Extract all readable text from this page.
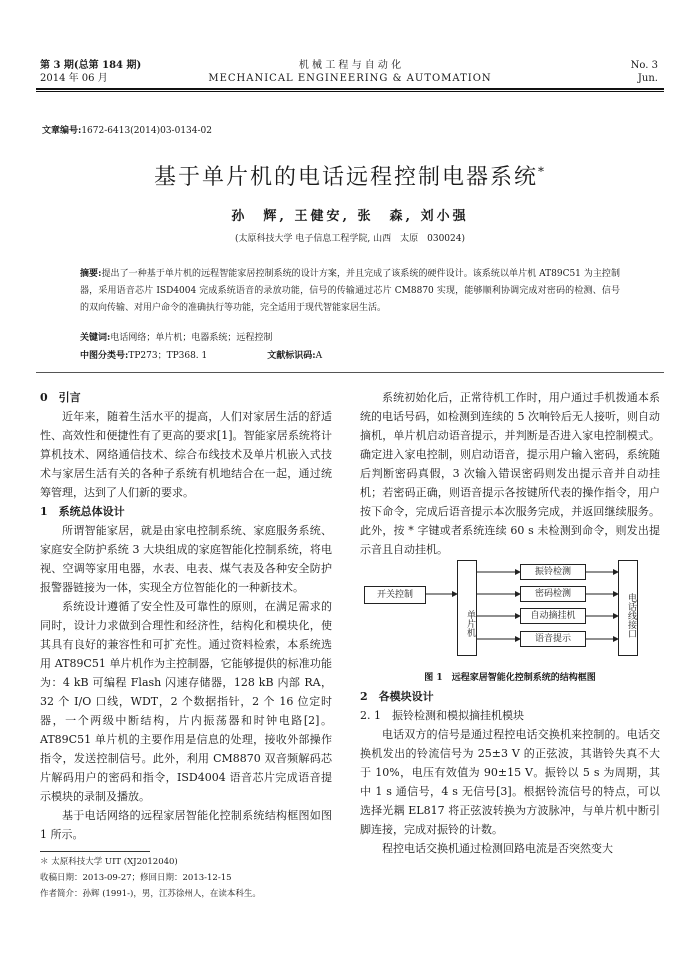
第 3 期(总第 184 期)
2014 年 06 月
机 械 工 程 与 自 动 化
MECHANICAL ENGINEERING & AUTOMATION
No. 3
Jun.
文章编号:1672-6413(2014)03-0134-02
基于单片机的电话远程控制电器系统*
孙　辉, 王健安, 张　森, 刘小强
(太原科技大学 电子信息工程学院, 山西　太原　030024)
摘要:提出了一种基于单片机的远程智能家居控制系统的设计方案，并且完成了该系统的硬件设计。该系统以单片机 AT89C51 为主控制器，采用语音芯片 ISD4004 完成系统语音的录放功能，信号的传输通过芯片 CM8870 实现，能够顺利协调完成对密码的检测、信号的双向传输、对用户命令的准确执行等功能，完全适用于现代智能家居生活。
关键词:电话网络；单片机；电器系统；远程控制
中图分类号:TP273；TP368. 1	文献标识码:A
0　引言

近年来，随着生活水平的提高，人们对家居生活的舒适性、高效性和便捷性有了更高的要求[1]。智能家居系统将计算机技术、网络通信技术、综合布线技术及单片机嵌入式技术与家居生活有关的各种子系统有机地结合在一起，通过统筹管理，达到了人们新的要求。

1　系统总体设计

所谓智能家居，就是由家电控制系统、家庭服务系统、家庭安全防护系统 3 大块组成的家庭智能化控制系统，将电视、空调等家用电器，水表、电表、煤气表及各种安全防护报警器链接为一体，实现全方位智能化的一种新技术。

系统设计遵循了安全性及可靠性的原则，在满足需求的同时，设计力求做到合理性和经济性，结构化和模块化，使其具有良好的兼容性和可扩充性。通过资料检索，本系统选用 AT89C51 单片机作为主控制器，它能够提供的标准功能为：4 kB 可编程 Flash 闪速存储器，128 kB 内部 RA，32 个 I/O 口线，WDT，2 个数据指针，2 个 16 位定时器，一个两级中断结构，片内振荡器和时钟电路[2]。AT89C51 单片机的主要作用是信息的处理，接收外部操作指令，发送控制信号。此外，利用 CM8870 双音频解码芯片解码用户的密码和指令，ISD4004 语音芯片完成语音提示模块的录制及播放。

基于电话网络的远程家居智能化控制系统结构框图如图 1 所示。

＊ 太原科技大学 UIT (XJ2012040)
收稿日期：2013-09-27；修回日期：2013-12-15
作者简介：孙辉 (1991-)，男，江苏徐州人，在读本科生。

系统初始化后，正常待机工作时，用户通过手机拨通本系统的电话号码，如检测到连续的 5 次响铃后无人接听，则自动摘机，单片机启动语音提示，并判断是否进入家电控制模式。确定进入家电控制，则启动语音，提示用户输入密码，系统随后判断密码真假，3 次输入错误密码则发出提示音并自动挂机；若密码正确，则语音提示各按键所代表的操作指令，用户按下命令，完成后语音提示本次服务完成，并返回继续服务。此外，按 * 字键或者系统连续 60 s 未检测到命令，则发出提示音且自动挂机。

开关控制
单片机
振铃检测
密码检测
自动摘挂机
语音提示
电话线接口
图 1　远程家居智能化控制系统的结构框图
2　各模块设计
2. 1　振铃检测和模拟摘挂机模块

电话双方的信号是通过程控电话交换机来控制的。电话交换机发出的铃流信号为 25±3 V 的正弦波，其谐铃失真不大于 10%，电压有效值为 90±15 V。振铃以 5 s 为周期，其中 1 s 通信号，4 s 无信号[3]。根据铃流信号的特点，可以选择光耦 EL817 将正弦波转换为方波脉冲，与单片机中断引脚连接，完成对振铃的计数。

程控电话交换机通过检测回路电流是否突然变大
